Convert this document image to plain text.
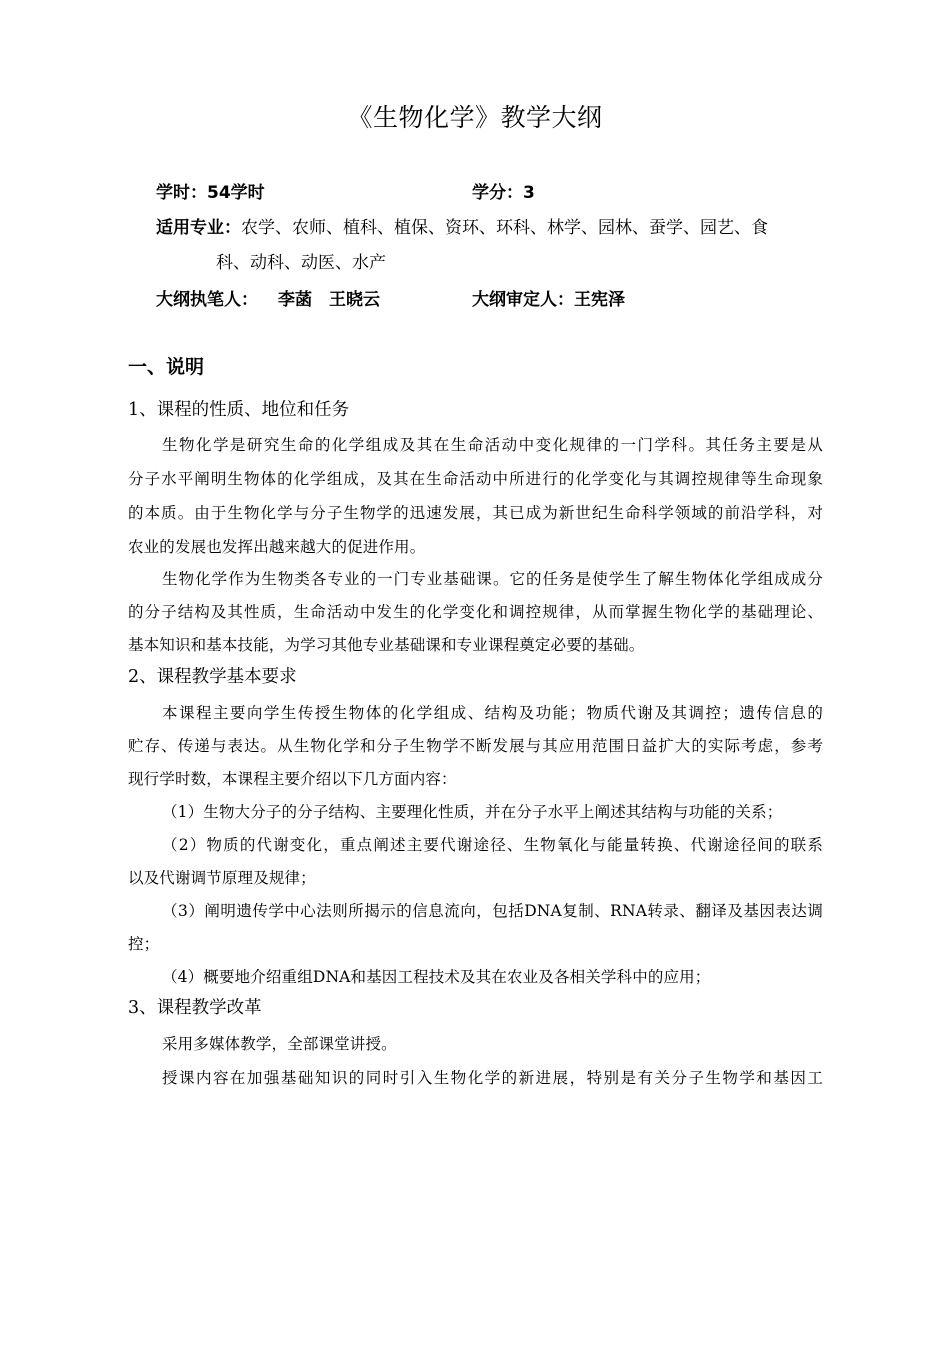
《生物化学》教学大纲
学时：54学时	学分：3
适用专业：农学、农师、植科、植保、资环、环科、林学、园林、蚕学、园艺、食
科、动科、动医、水产
大纲执笔人： 李菡　王晓云	大纲审定人：王宪泽
一、说明
1、课程的性质、地位和任务
生物化学是研究生命的化学组成及其在生命活动中变化规律的一门学科。其任务主要是从
分子水平阐明生物体的化学组成，及其在生命活动中所进行的化学变化与其调控规律等生命现象
的本质。由于生物化学与分子生物学的迅速发展，其已成为新世纪生命科学领域的前沿学科，对
农业的发展也发挥出越来越大的促进作用。
生物化学作为生物类各专业的一门专业基础课。它的任务是使学生了解生物体化学组成成分
的分子结构及其性质，生命活动中发生的化学变化和调控规律，从而掌握生物化学的基础理论、
基本知识和基本技能，为学习其他专业基础课和专业课程奠定必要的基础。
2、课程教学基本要求
本课程主要向学生传授生物体的化学组成、结构及功能；物质代谢及其调控；遗传信息的
贮存、传递与表达。从生物化学和分子生物学不断发展与其应用范围日益扩大的实际考虑，参考
现行学时数，本课程主要介绍以下几方面内容：
（1）生物大分子的分子结构、主要理化性质，并在分子水平上阐述其结构与功能的关系；
（2）物质的代谢变化，重点阐述主要代谢途径、生物氧化与能量转换、代谢途径间的联系
以及代谢调节原理及规律；
（3）阐明遗传学中心法则所揭示的信息流向，包括DNA复制、RNA转录、翻译及基因表达调
控；
（4）概要地介绍重组DNA和基因工程技术及其在农业及各相关学科中的应用；
3、课程教学改革
采用多媒体教学，全部课堂讲授。
授课内容在加强基础知识的同时引入生物化学的新进展，特别是有关分子生物学和基因工
